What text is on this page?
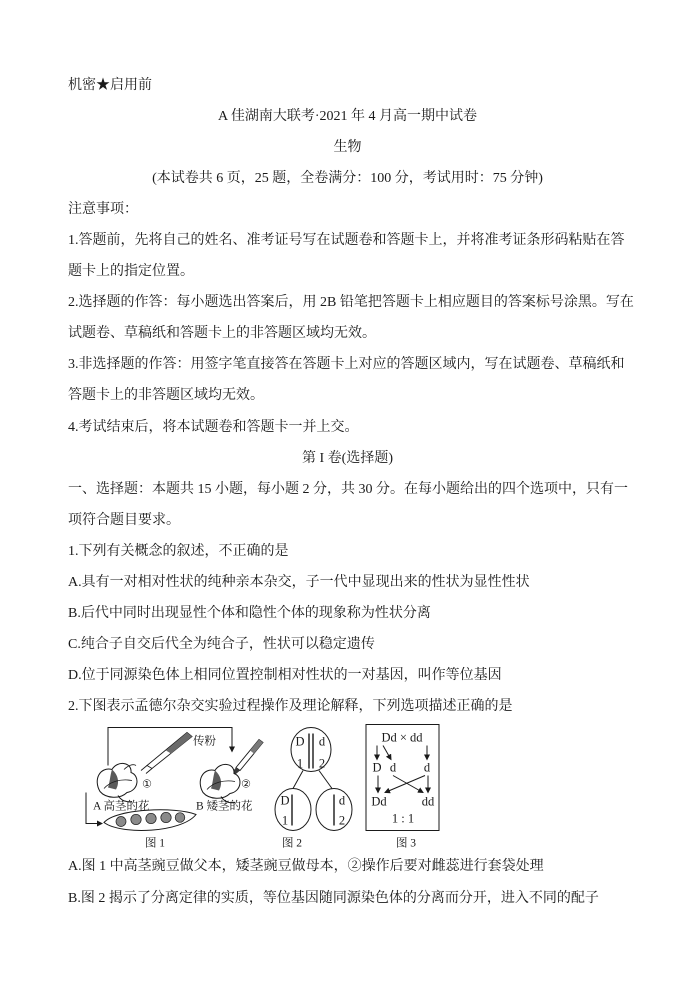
机密★启用前
A 佳湖南大联考·2021 年 4 月高一期中试卷
生物
(本试卷共 6 页，25 题，全卷满分：100 分，考试用时：75 分钟)
注意事项：
1.答题前，先将自己的姓名、准考证号写在试题卷和答题卡上，并将准考证条形码粘贴在答
题卡上的指定位置。
2.选择题的作答：每小题选出答案后，用 2B 铅笔把答题卡上相应题目的答案标号涂黑。写在
试题卷、草稿纸和答题卡上的非答题区域均无效。
3.非选择题的作答：用签字笔直接答在答题卡上对应的答题区域内，写在试题卷、草稿纸和
答题卡上的非答题区域均无效。
4.考试结束后，将本试题卷和答题卡一并上交。
第 I 卷(选择题)
一、选择题：本题共 15 小题，每小题 2 分，共 30 分。在每小题给出的四个选项中，只有一
项符合题目要求。
1.下列有关概念的叙述，不正确的是
A.具有一对相对性状的纯种亲本杂交，子一代中显现出来的性状为显性性状
B.后代中同时出现显性个体和隐性个体的现象称为性状分离
C.纯合子自交后代全为纯合子，性状可以稳定遗传
D.位于同源染色体上相同位置控制相对性状的一对基因，叫作等位基因
2.下图表示孟德尔杂交实验过程操作及理论解释，下列选项描述正确的是
传粉
①	②
A 高茎的花	B 矮茎的花
图 1
D d
1 2
D
1
d
2
图 2
Dd × dd
D d d
Dd	dd
1 : 1
图 3
A.图 1 中高茎豌豆做父本，矮茎豌豆做母本，②操作后要对雌蕊进行套袋处理
B.图 2 揭示了分离定律的实质，等位基因随同源染色体的分离而分开，进入不同的配子
